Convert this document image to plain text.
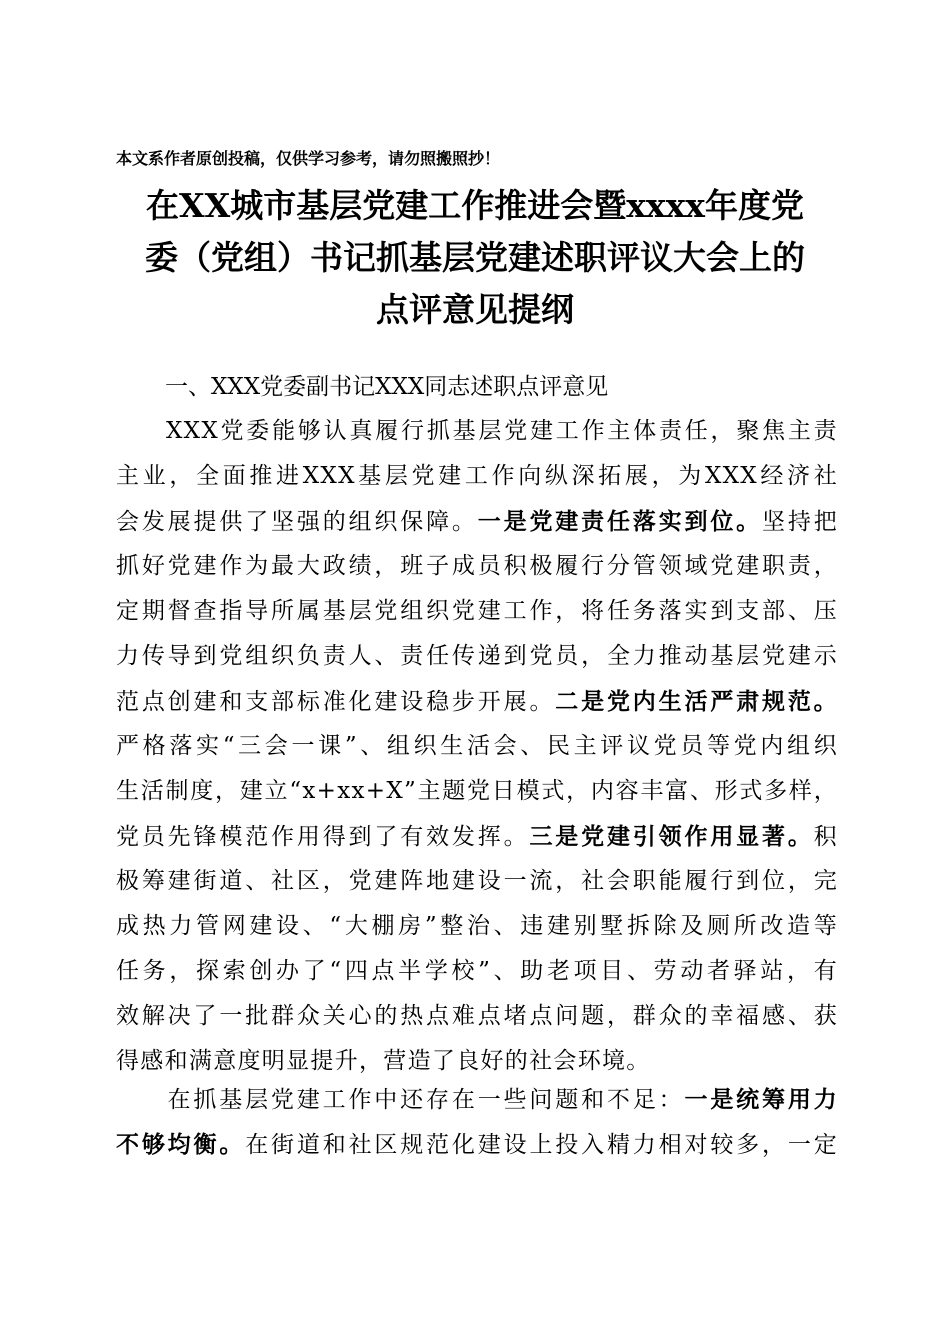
本文系作者原创投稿，仅供学习参考，请勿照搬照抄！
在XX城市基层党建工作推进会暨xxxx年度党
委（党组）书记抓基层党建述职评议大会上的
点评意见提纲
一、XXX党委副书记XXX同志述职点评意见
XXX党委能够认真履行抓基层党建工作主体责任，聚焦主责
主业，全面推进XXX基层党建工作向纵深拓展，为XXX经济社
会发展提供了坚强的组织保障。一是党建责任落实到位。坚持把
抓好党建作为最大政绩，班子成员积极履行分管领域党建职责，
定期督查指导所属基层党组织党建工作，将任务落实到支部、压
力传导到党组织负责人、责任传递到党员，全力推动基层党建示
范点创建和支部标准化建设稳步开展。二是党内生活严肃规范。
严格落实“三会一课”、组织生活会、民主评议党员等党内组织
生活制度，建立“x+xx+X”主题党日模式，内容丰富、形式多样，
党员先锋模范作用得到了有效发挥。三是党建引领作用显著。积
极筹建街道、社区，党建阵地建设一流，社会职能履行到位，完
成热力管网建设、“大棚房”整治、违建别墅拆除及厕所改造等
任务，探索创办了“四点半学校”、助老项目、劳动者驿站，有
效解决了一批群众关心的热点难点堵点问题，群众的幸福感、获
得感和满意度明显提升，营造了良好的社会环境。
在抓基层党建工作中还存在一些问题和不足：一是统筹用力
不够均衡。在街道和社区规范化建设上投入精力相对较多，一定
